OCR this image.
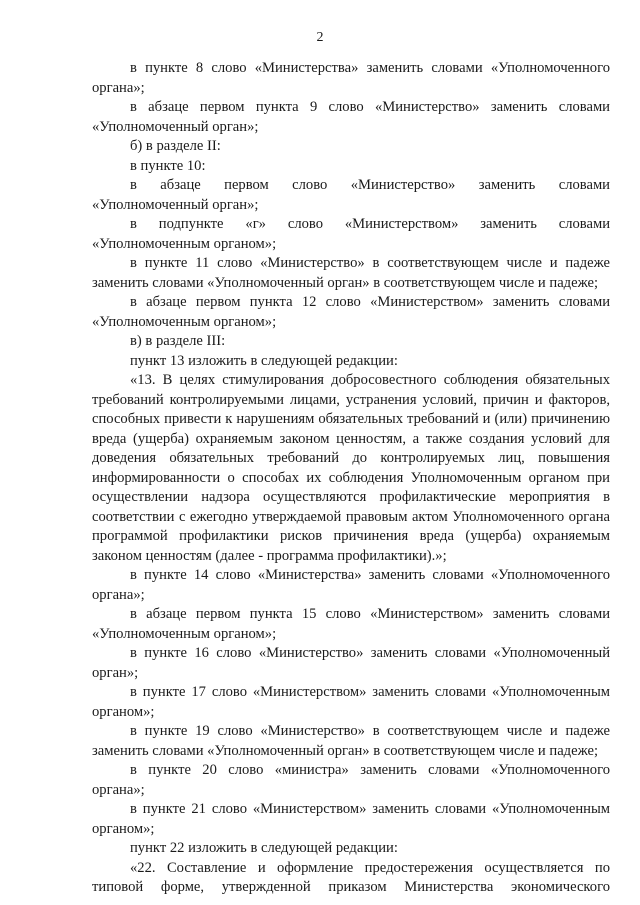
2

в пункте 8 слово «Министерства» заменить словами «Уполномоченного органа»;

в абзаце первом пункта 9 слово «Министерство» заменить словами «Уполномоченный орган»;

б) в разделе II:

в пункте 10:

в абзаце первом слово «Министерство» заменить словами «Уполномоченный орган»;

в подпункте «г» слово «Министерством» заменить словами «Уполномоченным органом»;

в пункте 11 слово «Министерство» в соответствующем числе и падеже заменить словами «Уполномоченный орган» в соответствующем числе и падеже;

в абзаце первом пункта 12 слово «Министерством» заменить словами «Уполномоченным органом»;

в) в разделе III:

пункт 13 изложить в следующей редакции:

«13. В целях стимулирования добросовестного соблюдения обязательных требований контролируемыми лицами, устранения условий, причин и факторов, способных привести к нарушениям обязательных требований и (или) причинению вреда (ущерба) охраняемым законом ценностям, а также создания условий для доведения обязательных требований до контролируемых лиц, повышения информированности о способах их соблюдения Уполномоченным органом при осуществлении надзора осуществляются профилактические мероприятия в соответствии с ежегодно утверждаемой правовым актом Уполномоченного органа программой профилактики рисков причинения вреда (ущерба) охраняемым законом ценностям (далее - программа профилактики).»;

в пункте 14 слово «Министерства» заменить словами «Уполномоченного органа»;

в абзаце первом пункта 15 слово «Министерством» заменить словами «Уполномоченным органом»;

в пункте 16 слово «Министерство» заменить словами «Уполномоченный орган»;

в пункте 17 слово «Министерством» заменить словами «Уполномоченным органом»;

в пункте 19 слово «Министерство» в соответствующем числе и падеже заменить словами «Уполномоченный орган» в соответствующем числе и падеже;

в пункте 20 слово «министра» заменить словами «Уполномоченного органа»;

в пункте 21 слово «Министерством» заменить словами «Уполномоченным органом»;

пункт 22 изложить в следующей редакции:

«22. Составление и оформление предостережения осуществляется по типовой форме, утвержденной приказом Министерства экономического
